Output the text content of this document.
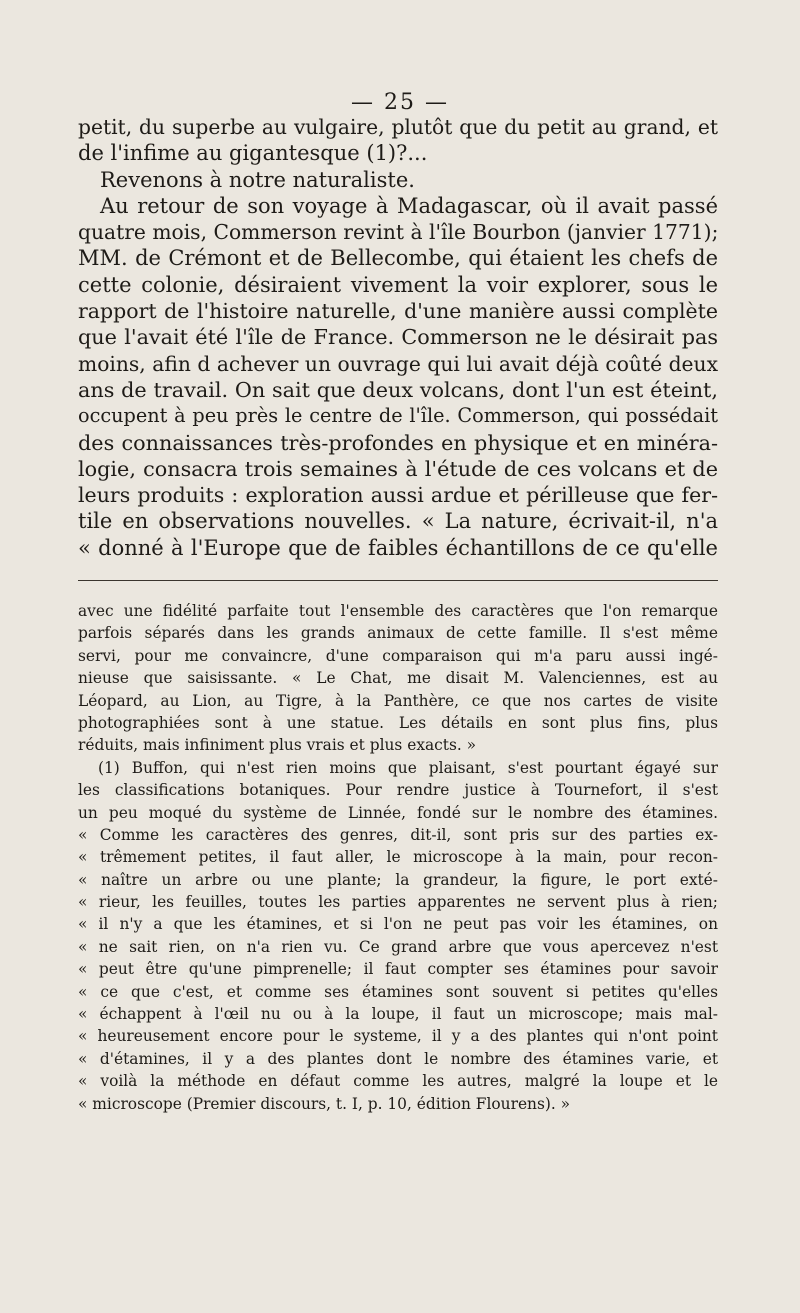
— 25 —
petit, du superbe au vulgaire, plutôt que du petit au grand, et
de l'infime au gigantesque (1)?...
Revenons à notre naturaliste.
Au retour de son voyage à Madagascar, où il avait passé
quatre mois, Commerson revint à l'île Bourbon (janvier 1771);
MM. de Crémont et de Bellecombe, qui étaient les chefs de
cette colonie, désiraient vivement la voir explorer, sous le
rapport de l'histoire naturelle, d'une manière aussi complète
que l'avait été l'île de France. Commerson ne le désirait pas
moins, afin d achever un ouvrage qui lui avait déjà coûté deux
ans de travail. On sait que deux volcans, dont l'un est éteint,
occupent à peu près le centre de l'île. Commerson, qui possédait
des connaissances très-profondes en physique et en minéra-
logie, consacra trois semaines à l'étude de ces volcans et de
leurs produits : exploration aussi ardue et périlleuse que fer-
tile en observations nouvelles. « La nature, écrivait-il, n'a
« donné à l'Europe que de faibles échantillons de ce qu'elle
avec une fidélité parfaite tout l'ensemble des caractères que l'on remarque
parfois séparés dans les grands animaux de cette famille. Il s'est même
servi, pour me convaincre, d'une comparaison qui m'a paru aussi ingé-
nieuse que saisissante. « Le Chat, me disait M. Valenciennes, est au
Léopard, au Lion, au Tigre, à la Panthère, ce que nos cartes de visite
photographiées sont à une statue. Les détails en sont plus fins, plus
réduits, mais infiniment plus vrais et plus exacts. »
(1) Buffon, qui n'est rien moins que plaisant, s'est pourtant égayé sur
les classifications botaniques. Pour rendre justice à Tournefort, il s'est
un peu moqué du système de Linnée, fondé sur le nombre des étamines.
« Comme les caractères des genres, dit-il, sont pris sur des parties ex-
« trêmement petites, il faut aller, le microscope à la main, pour recon-
« naître un arbre ou une plante; la grandeur, la figure, le port exté-
« rieur, les feuilles, toutes les parties apparentes ne servent plus à rien;
« il n'y a que les étamines, et si l'on ne peut pas voir les étamines, on
« ne sait rien, on n'a rien vu. Ce grand arbre que vous apercevez n'est
« peut être qu'une pimprenelle; il faut compter ses étamines pour savoir
« ce que c'est, et comme ses étamines sont souvent si petites qu'elles
« échappent à l'œil nu ou à la loupe, il faut un microscope; mais mal-
« heureusement encore pour le systeme, il y a des plantes qui n'ont point
« d'étamines, il y a des plantes dont le nombre des étamines varie, et
« voilà la méthode en défaut comme les autres, malgré la loupe et le
« microscope (Premier discours, t. I, p. 10, édition Flourens). »
